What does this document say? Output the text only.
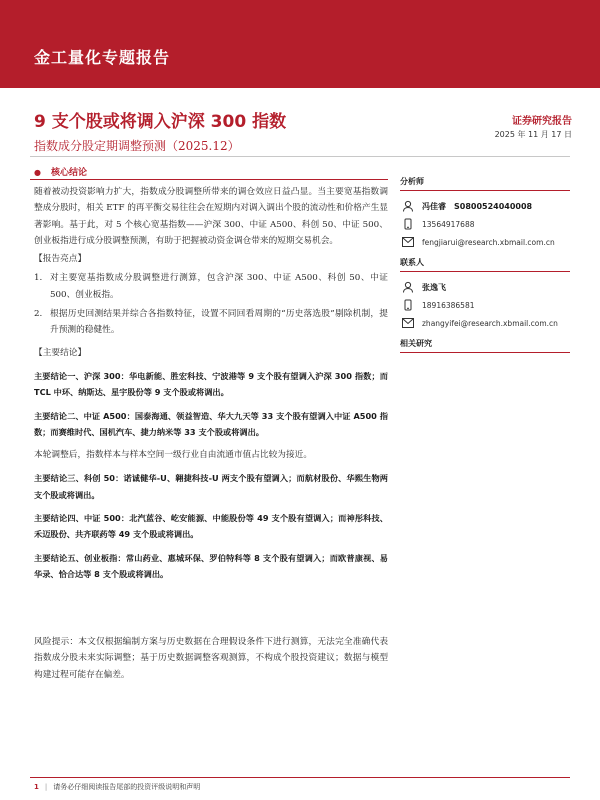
金工量化专题报告
9 支个股或将调入沪深 300 指数
指数成分股定期调整预测（2025.12）
证券研究报告
2025 年 11 月 17 日
● 核心结论

随着被动投资影响力扩大，指数成分股调整所带来的调仓效应日益凸显。当主要宽基指数调整成分股时，相关 ETF 的再平衡交易往往会在短期内对调入调出个股的流动性和价格产生显著影响。基于此，对 5 个核心宽基指数——沪深 300、中证 A500、科创 50、中证 500、创业板指进行成分股调整预测，有助于把握被动资金调仓带来的短期交易机会。

【报告亮点】

1. 对主要宽基指数成分股调整进行测算，包含沪深 300、中证 A500、科创 50、中证 500、创业板指。
2. 根据历史回测结果并综合各指数特征，设置不同回看周期的“历史落选股”剔除机制，提升预测的稳健性。

【主要结论】

主要结论一、沪深 300：华电新能、胜宏科技、宁波港等 9 支个股有望调入沪深 300 指数；而 TCL 中环、纳斯达、星宇股份等 9 支个股或将调出。

主要结论二、中证 A500：国泰海通、领益智造、华大九天等 33 支个股有望调入中证 A500 指数；而赛维时代、国机汽车、捷力纳米等 33 支个股或将调出。

本轮调整后，指数样本与样本空间一级行业自由流通市值占比较为接近。

主要结论三、科创 50：诺诚健华-U、翱捷科技-U 两支个股有望调入；而航材股份、华熙生物两支个股或将调出。

主要结论四、中证 500：北汽蓝谷、屹安能源、中能股份等 49 支个股有望调入；而神彤科技、禾迈股份、共齐联药等 49 支个股或将调出。

主要结论五、创业板指：常山药业、惠城环保、罗伯特科等 8 支个股有望调入；而欧普康视、易华录、恰合达等 8 支个股或将调出。

风险提示：本文仅根据编制方案与历史数据在合理假设条件下进行测算，无法完全准确代表指数成分股未来实际调整；基于历史数据调整客观测算，不构成个股投资建议；数据与模型构建过程可能存在偏差。

分析师
冯佳睿 S0800524040008
13564917688
fengjiarui@research.xbmail.com.cn
联系人
张逸飞
18916386581
zhangyifei@research.xbmail.com.cn
相关研究
1 | 请务必仔细阅读报告尾部的投资评级说明和声明
